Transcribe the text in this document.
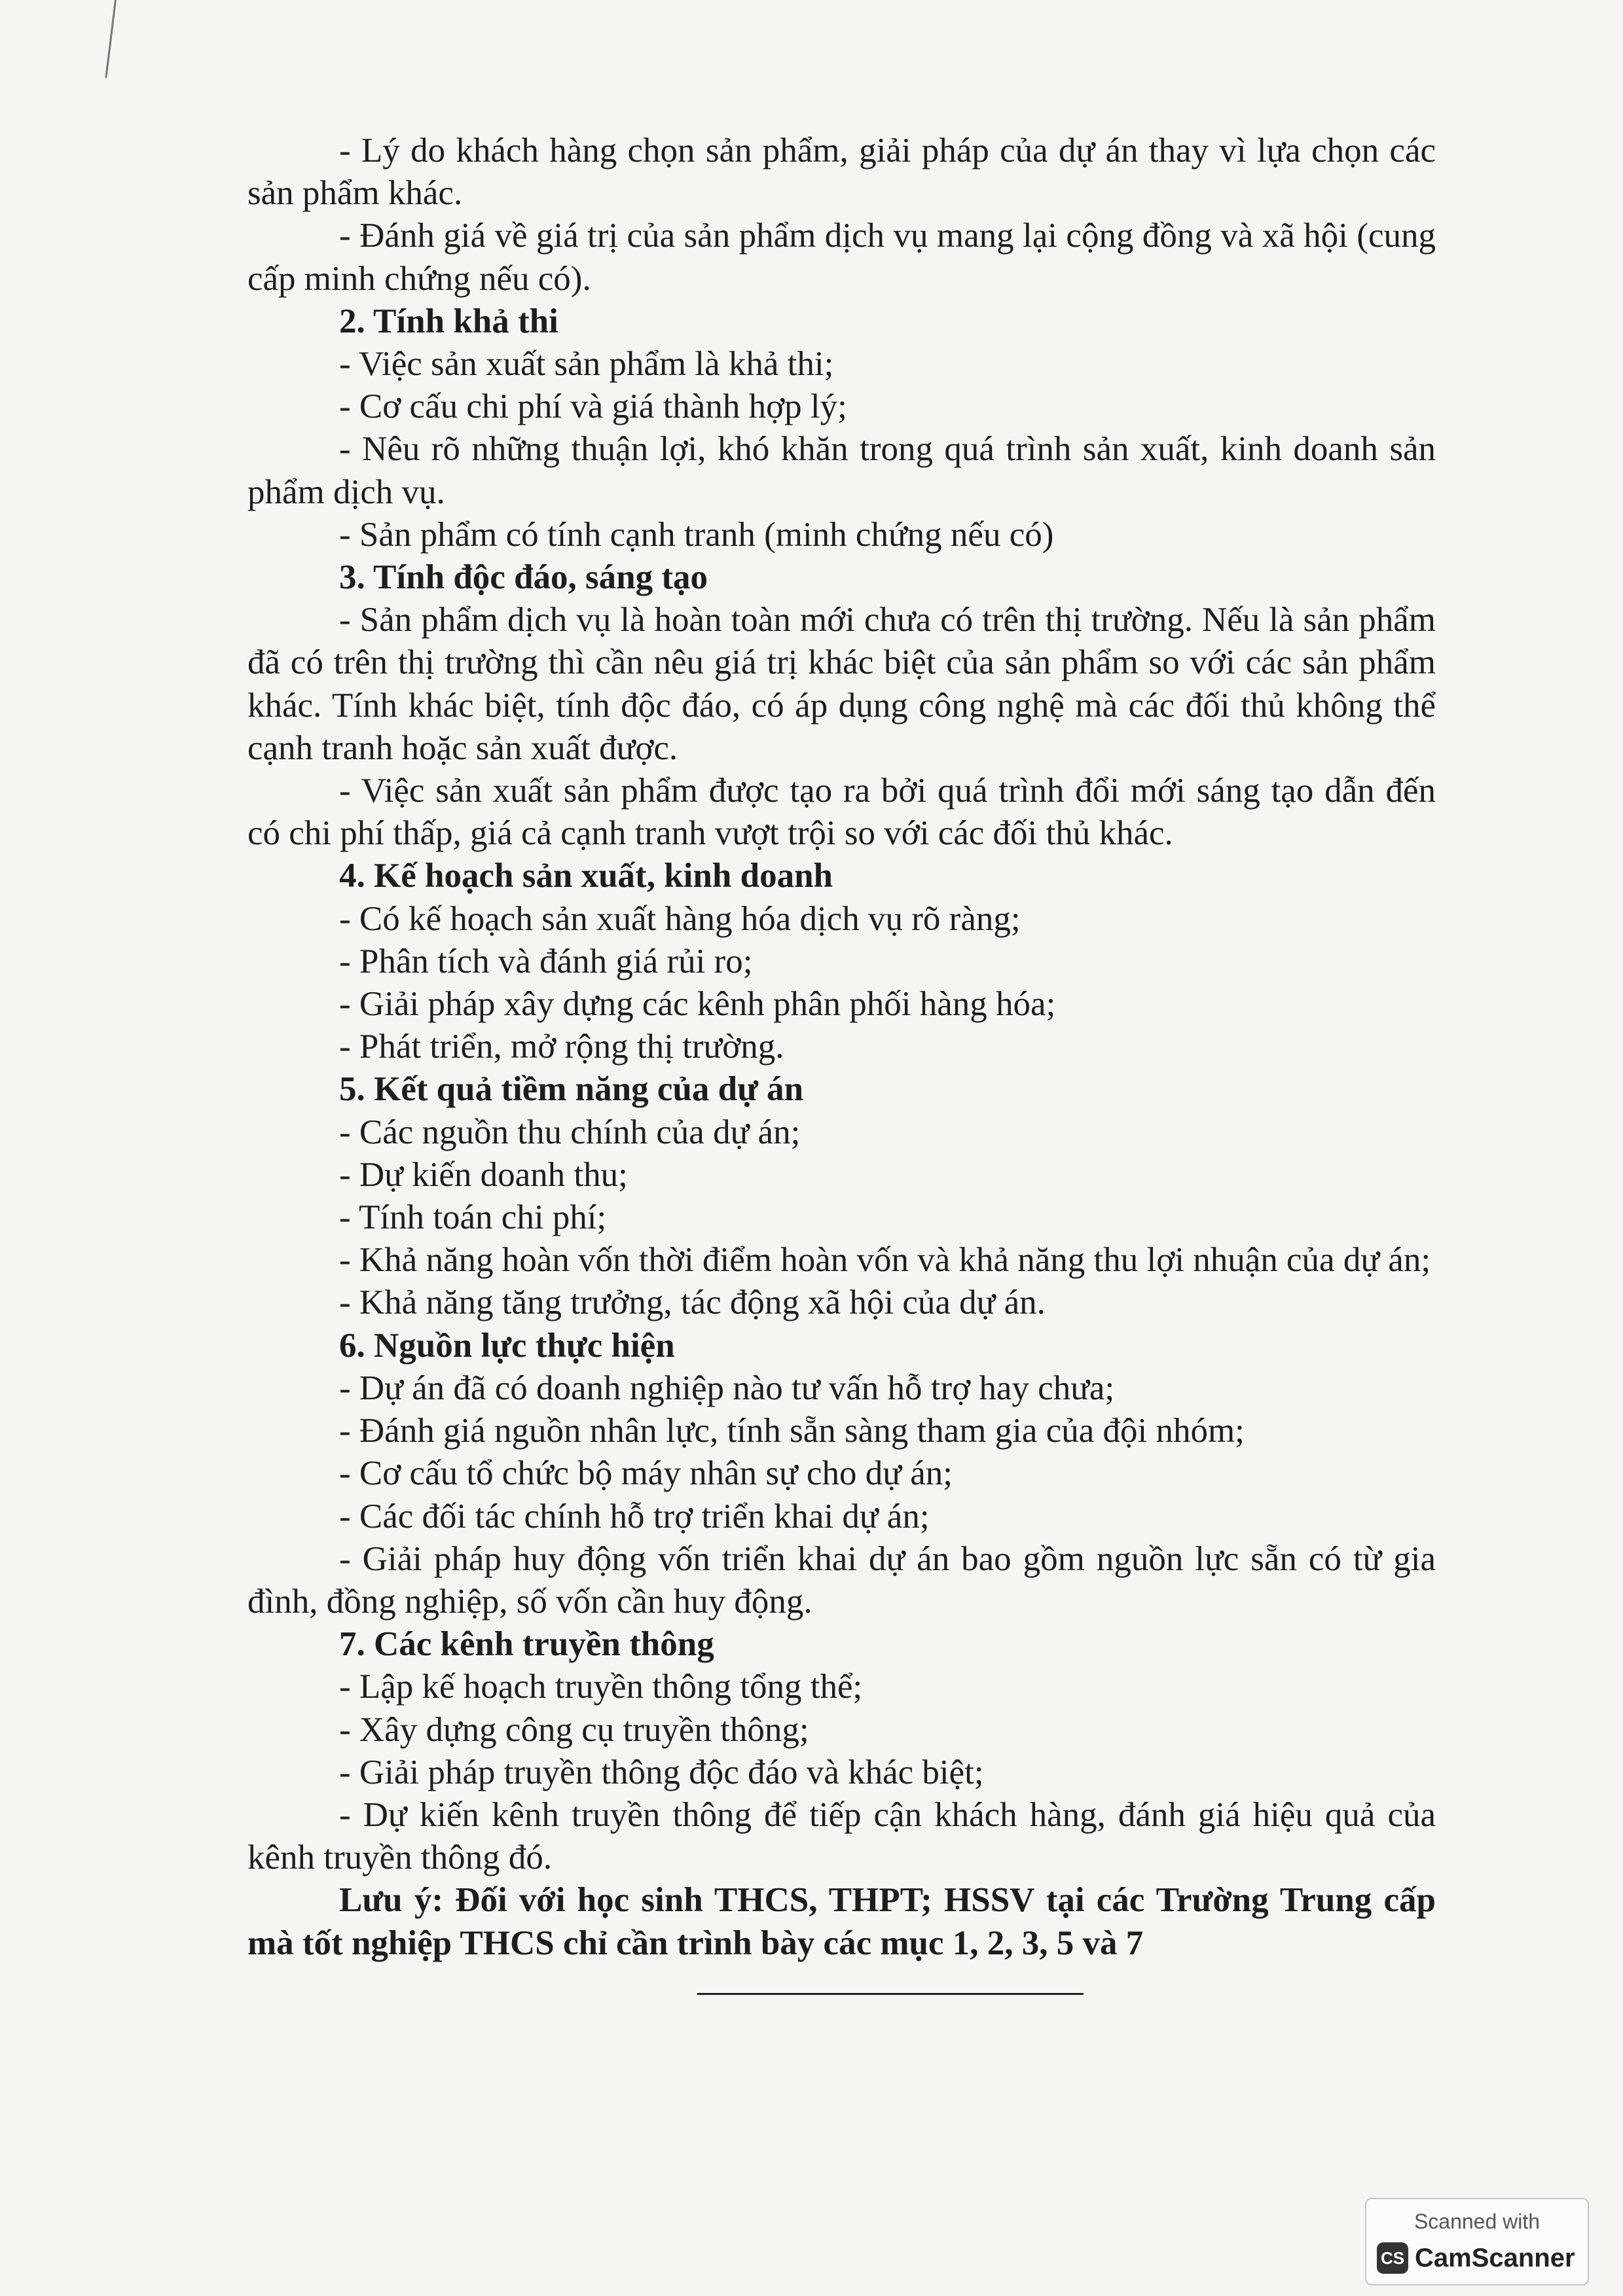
- Lý do khách hàng chọn sản phẩm, giải pháp của dự án thay vì lựa chọn các sản phẩm khác.

- Đánh giá về giá trị của sản phẩm dịch vụ mang lại cộng đồng và xã hội (cung cấp minh chứng nếu có).

2. Tính khả thi

- Việc sản xuất sản phẩm là khả thi;

- Cơ cấu chi phí và giá thành hợp lý;

- Nêu rõ những thuận lợi, khó khăn trong quá trình sản xuất, kinh doanh sản phẩm dịch vụ.

- Sản phẩm có tính cạnh tranh (minh chứng nếu có)

3. Tính độc đáo, sáng tạo

- Sản phẩm dịch vụ là hoàn toàn mới chưa có trên thị trường. Nếu là sản phẩm đã có trên thị trường thì cần nêu giá trị khác biệt của sản phẩm so với các sản phẩm khác. Tính khác biệt, tính độc đáo, có áp dụng công nghệ mà các đối thủ không thể cạnh tranh hoặc sản xuất được.

- Việc sản xuất sản phẩm được tạo ra bởi quá trình đổi mới sáng tạo dẫn đến có chi phí thấp, giá cả cạnh tranh vượt trội so với các đối thủ khác.

4. Kế hoạch sản xuất, kinh doanh

- Có kế hoạch sản xuất hàng hóa dịch vụ rõ ràng;

- Phân tích và đánh giá rủi ro;

- Giải pháp xây dựng các kênh phân phối hàng hóa;

- Phát triển, mở rộng thị trường.

5. Kết quả tiềm năng của dự án

- Các nguồn thu chính của dự án;

- Dự kiến doanh thu;

- Tính toán chi phí;

- Khả năng hoàn vốn thời điểm hoàn vốn và khả năng thu lợi nhuận của dự án;

- Khả năng tăng trưởng, tác động xã hội của dự án.

6. Nguồn lực thực hiện

- Dự án đã có doanh nghiệp nào tư vấn hỗ trợ hay chưa;

- Đánh giá nguồn nhân lực, tính sẵn sàng tham gia của đội nhóm;

- Cơ cấu tổ chức bộ máy nhân sự cho dự án;

- Các đối tác chính hỗ trợ triển khai dự án;

- Giải pháp huy động vốn triển khai dự án bao gồm nguồn lực sẵn có từ gia đình, đồng nghiệp, số vốn cần huy động.

7. Các kênh truyền thông

- Lập kế hoạch truyền thông tổng thể;

- Xây dựng công cụ truyền thông;

- Giải pháp truyền thông độc đáo và khác biệt;

- Dự kiến kênh truyền thông để tiếp cận khách hàng, đánh giá hiệu quả của kênh truyền thông đó.

Lưu ý: Đối với học sinh THCS, THPT; HSSV tại các Trường Trung cấp mà tốt nghiệp THCS chỉ cần trình bày các mục 1, 2, 3, 5 và 7

Scanned with
CS CamScanner
